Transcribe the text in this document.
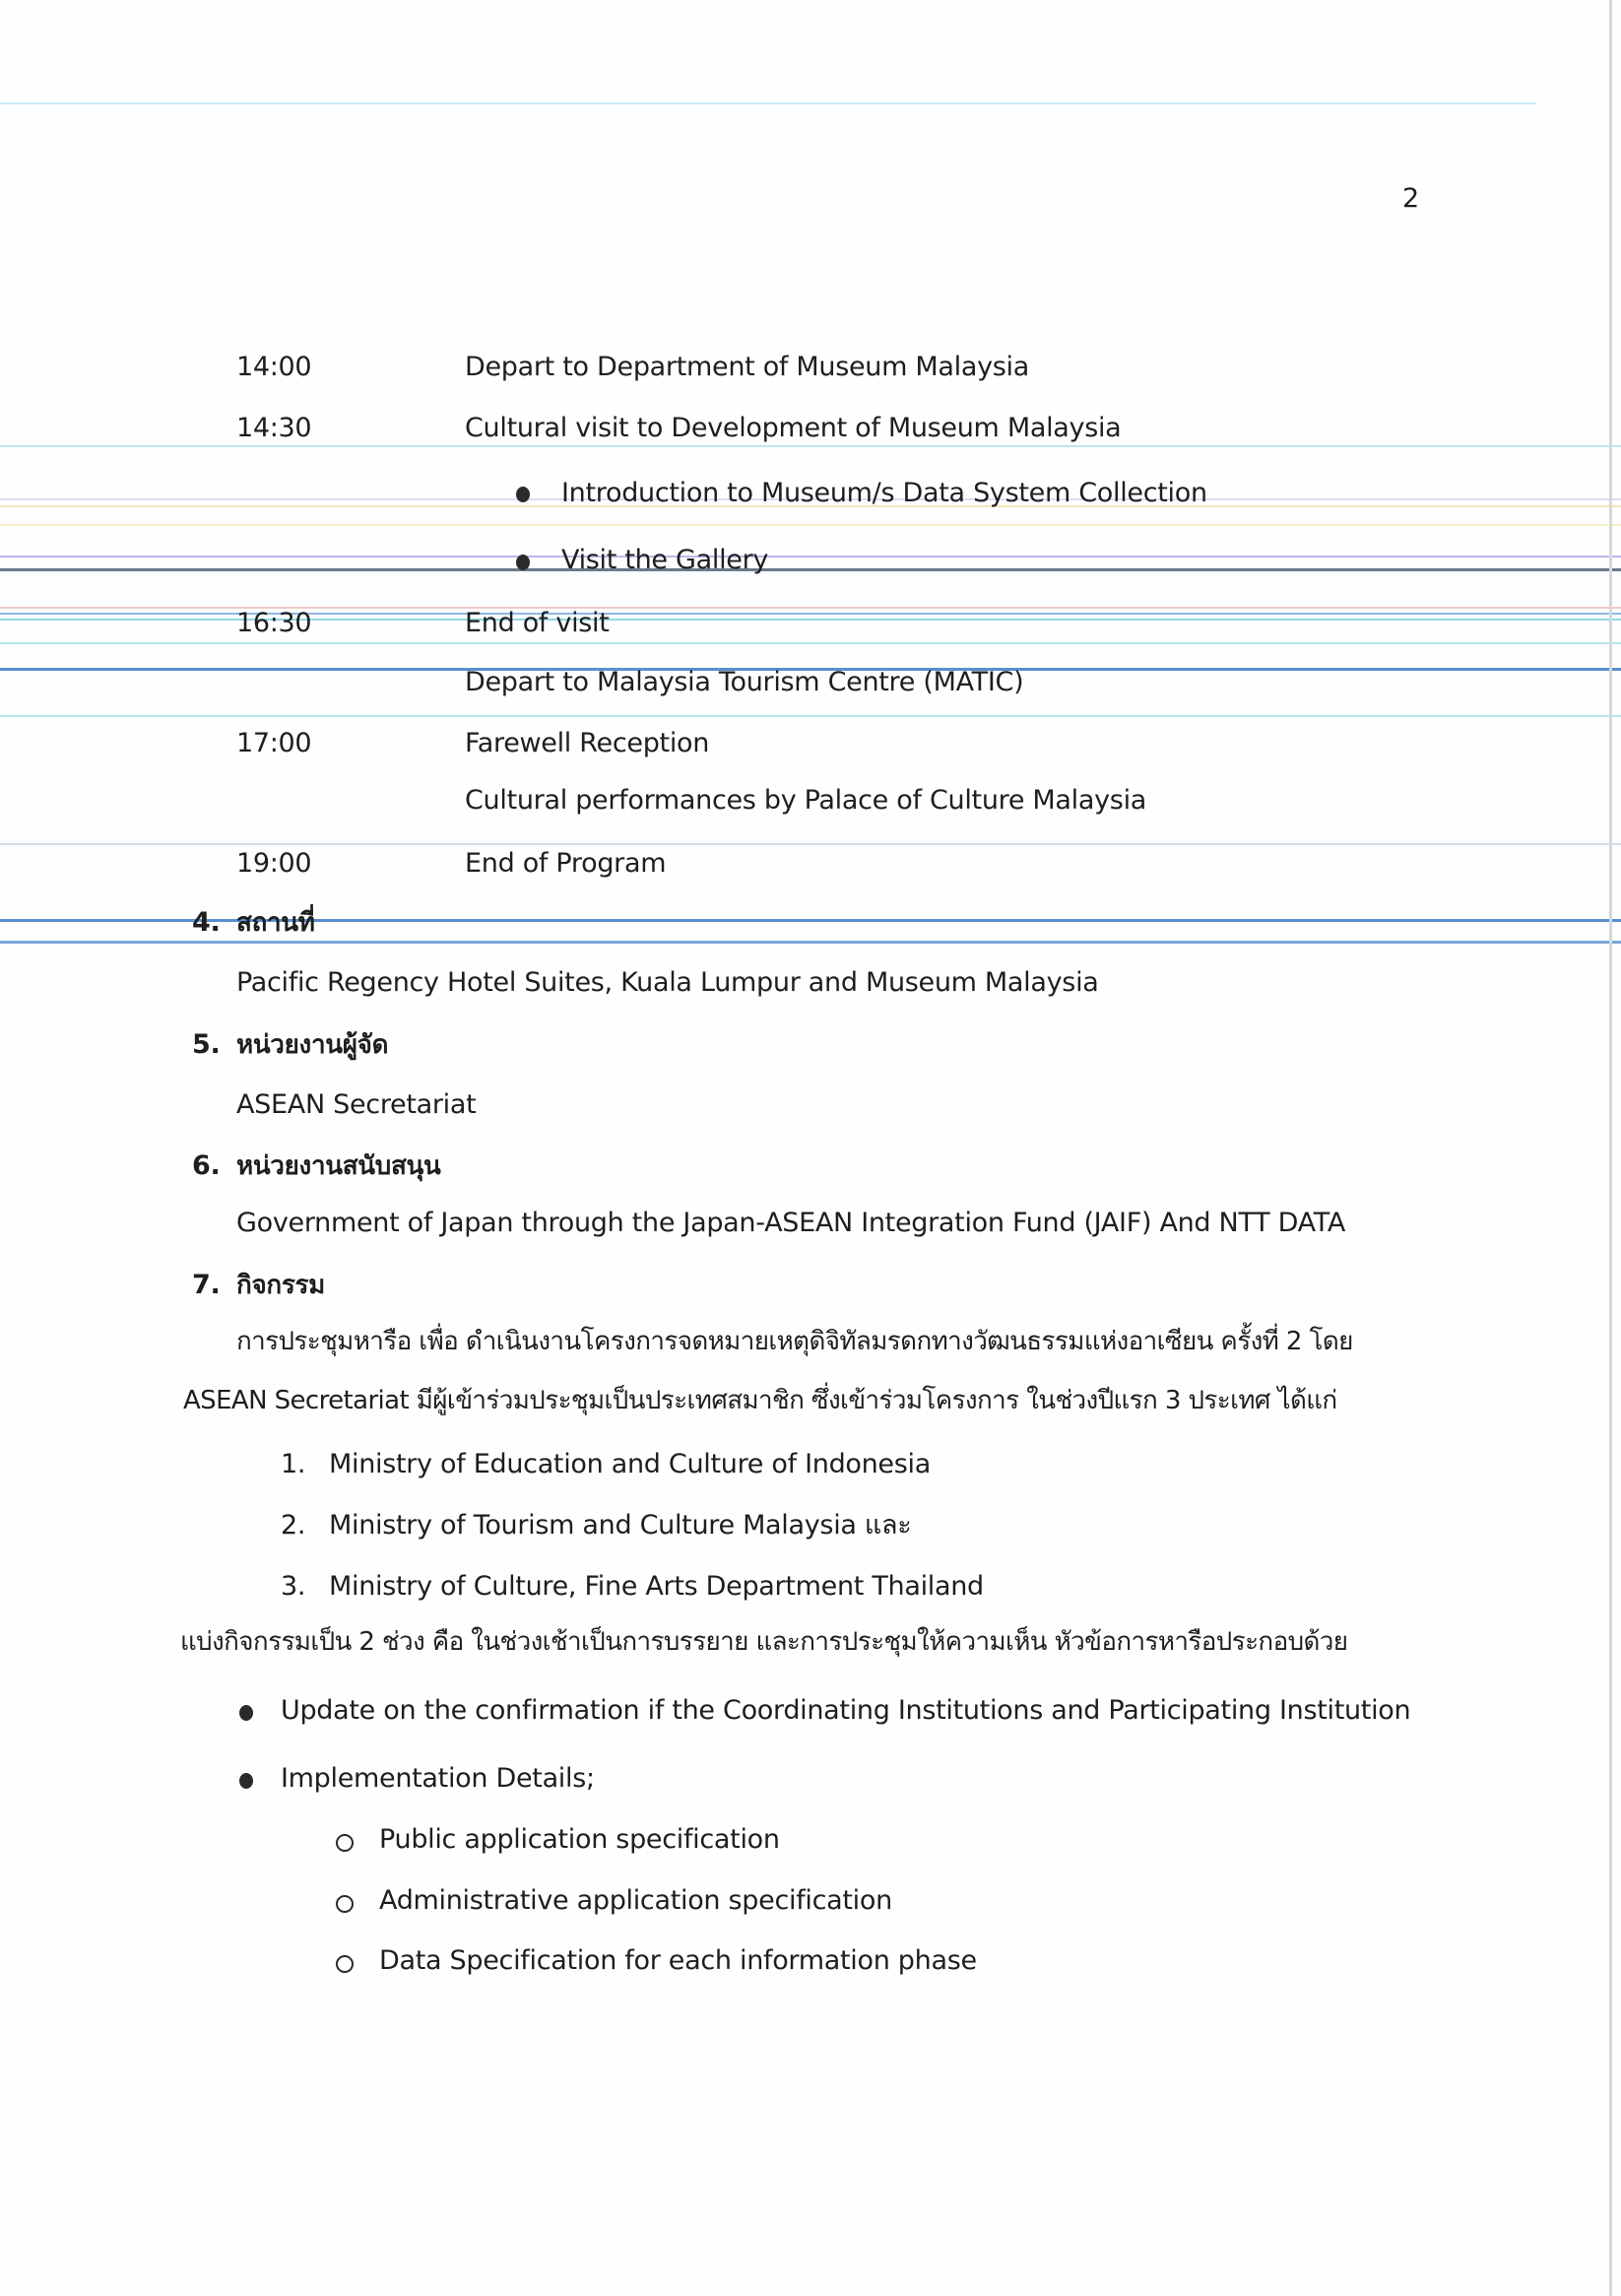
2
14:00	Depart to Department of Museum Malaysia
14:30	Cultural visit to Development of Museum Malaysia
Introduction to Museum/s Data System Collection
Visit the Gallery
16:30	End of visit
Depart to Malaysia Tourism Centre (MATIC)
17:00	Farewell Reception
Cultural performances by Palace of Culture Malaysia
19:00	End of Program
4. สถานที่
Pacific Regency Hotel Suites, Kuala Lumpur and Museum Malaysia
5. หน่วยงานผู้จัด
ASEAN Secretariat
6. หน่วยงานสนับสนุน
Government of Japan through the Japan-ASEAN Integration Fund (JAIF) And NTT DATA
7. กิจกรรม
การประชุมหารือ เพื่อ ดำเนินงานโครงการจดหมายเหตุดิจิทัลมรดกทางวัฒนธรรมแห่งอาเซียน ครั้งที่ 2 โดย
ASEAN Secretariat มีผู้เข้าร่วมประชุมเป็นประเทศสมาชิก ซึ่งเข้าร่วมโครงการ ในช่วงปีแรก 3 ประเทศ ได้แก่
1. Ministry of Education and Culture of Indonesia
2. Ministry of Tourism and Culture Malaysia และ
3. Ministry of Culture, Fine Arts Department Thailand
แบ่งกิจกรรมเป็น 2 ช่วง คือ ในช่วงเช้าเป็นการบรรยาย และการประชุมให้ความเห็น หัวข้อการหารือประกอบด้วย
Update on the confirmation if the Coordinating Institutions and Participating Institution
Implementation Details;
Public application specification
Administrative application specification
Data Specification for each information phase
